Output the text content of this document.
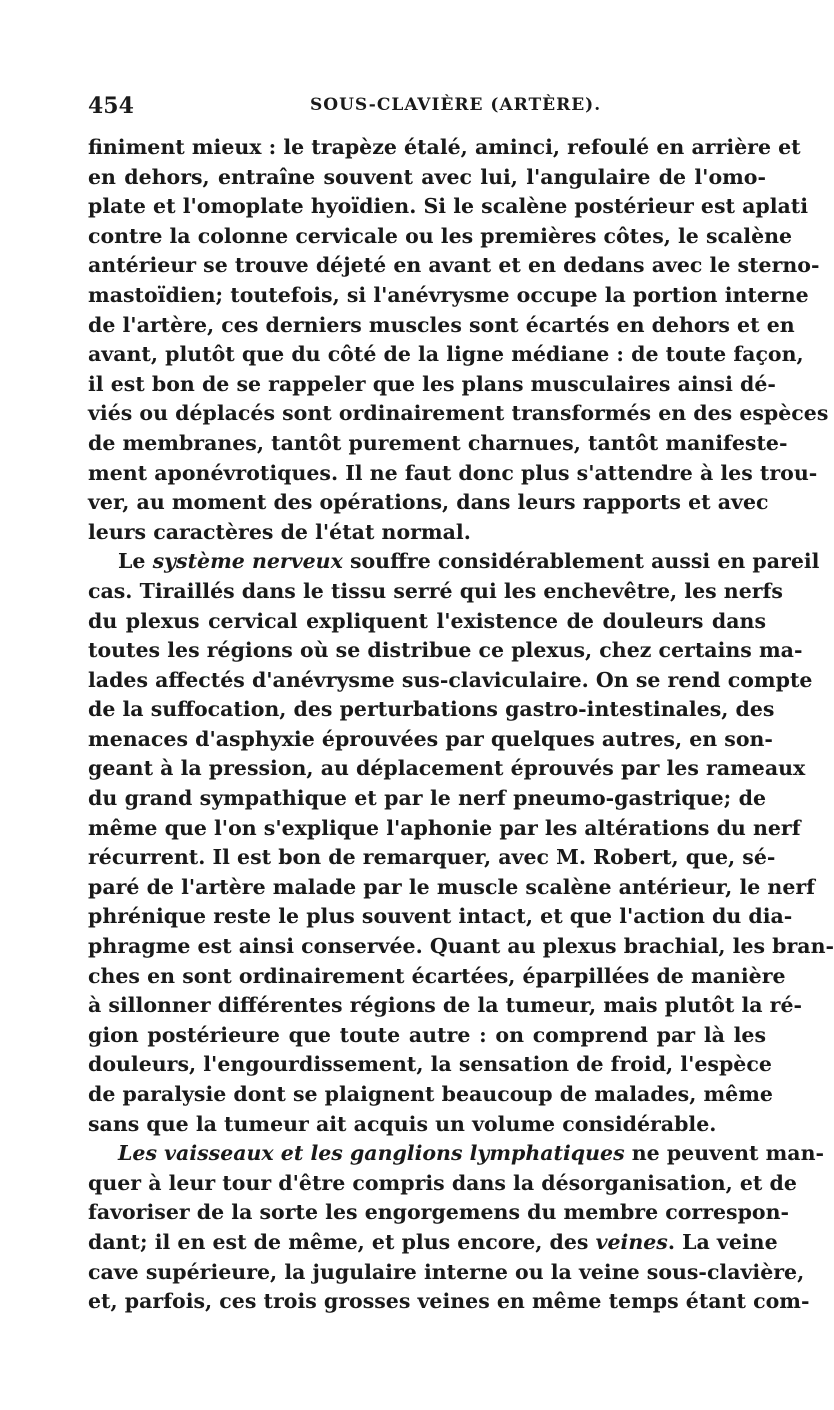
454	SOUS-CLAVIÈRE (ARTÈRE).
finiment mieux : le trapèze étalé, aminci, refoulé en arrière et
en dehors, entraîne souvent avec lui, l'angulaire de l'omo-
plate et l'omoplate hyoïdien. Si le scalène postérieur est aplati
contre la colonne cervicale ou les premières côtes, le scalène
antérieur se trouve déjeté en avant et en dedans avec le sterno-
mastoïdien; toutefois, si l'anévrysme occupe la portion interne
de l'artère, ces derniers muscles sont écartés en dehors et en
avant, plutôt que du côté de la ligne médiane : de toute façon,
il est bon de se rappeler que les plans musculaires ainsi dé-
viés ou déplacés sont ordinairement transformés en des espèces
de membranes, tantôt purement charnues, tantôt manifeste-
ment aponévrotiques. Il ne faut donc plus s'attendre à les trou-
ver, au moment des opérations, dans leurs rapports et avec
leurs caractères de l'état normal.
Le système nerveux souffre considérablement aussi en pareil
cas. Tiraillés dans le tissu serré qui les enchevêtre, les nerfs
du plexus cervical expliquent l'existence de douleurs dans
toutes les régions où se distribue ce plexus, chez certains ma-
lades affectés d'anévrysme sus-claviculaire. On se rend compte
de la suffocation, des perturbations gastro-intestinales, des
menaces d'asphyxie éprouvées par quelques autres, en son-
geant à la pression, au déplacement éprouvés par les rameaux
du grand sympathique et par le nerf pneumo-gastrique; de
même que l'on s'explique l'aphonie par les altérations du nerf
récurrent. Il est bon de remarquer, avec M. Robert, que, sé-
paré de l'artère malade par le muscle scalène antérieur, le nerf
phrénique reste le plus souvent intact, et que l'action du dia-
phragme est ainsi conservée. Quant au plexus brachial, les bran-
ches en sont ordinairement écartées, éparpillées de manière
à sillonner différentes régions de la tumeur, mais plutôt la ré-
gion postérieure que toute autre : on comprend par là les
douleurs, l'engourdissement, la sensation de froid, l'espèce
de paralysie dont se plaignent beaucoup de malades, même
sans que la tumeur ait acquis un volume considérable.
Les vaisseaux et les ganglions lymphatiques ne peuvent man-
quer à leur tour d'être compris dans la désorganisation, et de
favoriser de la sorte les engorgemens du membre correspon-
dant; il en est de même, et plus encore, des veines. La veine
cave supérieure, la jugulaire interne ou la veine sous-clavière,
et, parfois, ces trois grosses veines en même temps étant com-
